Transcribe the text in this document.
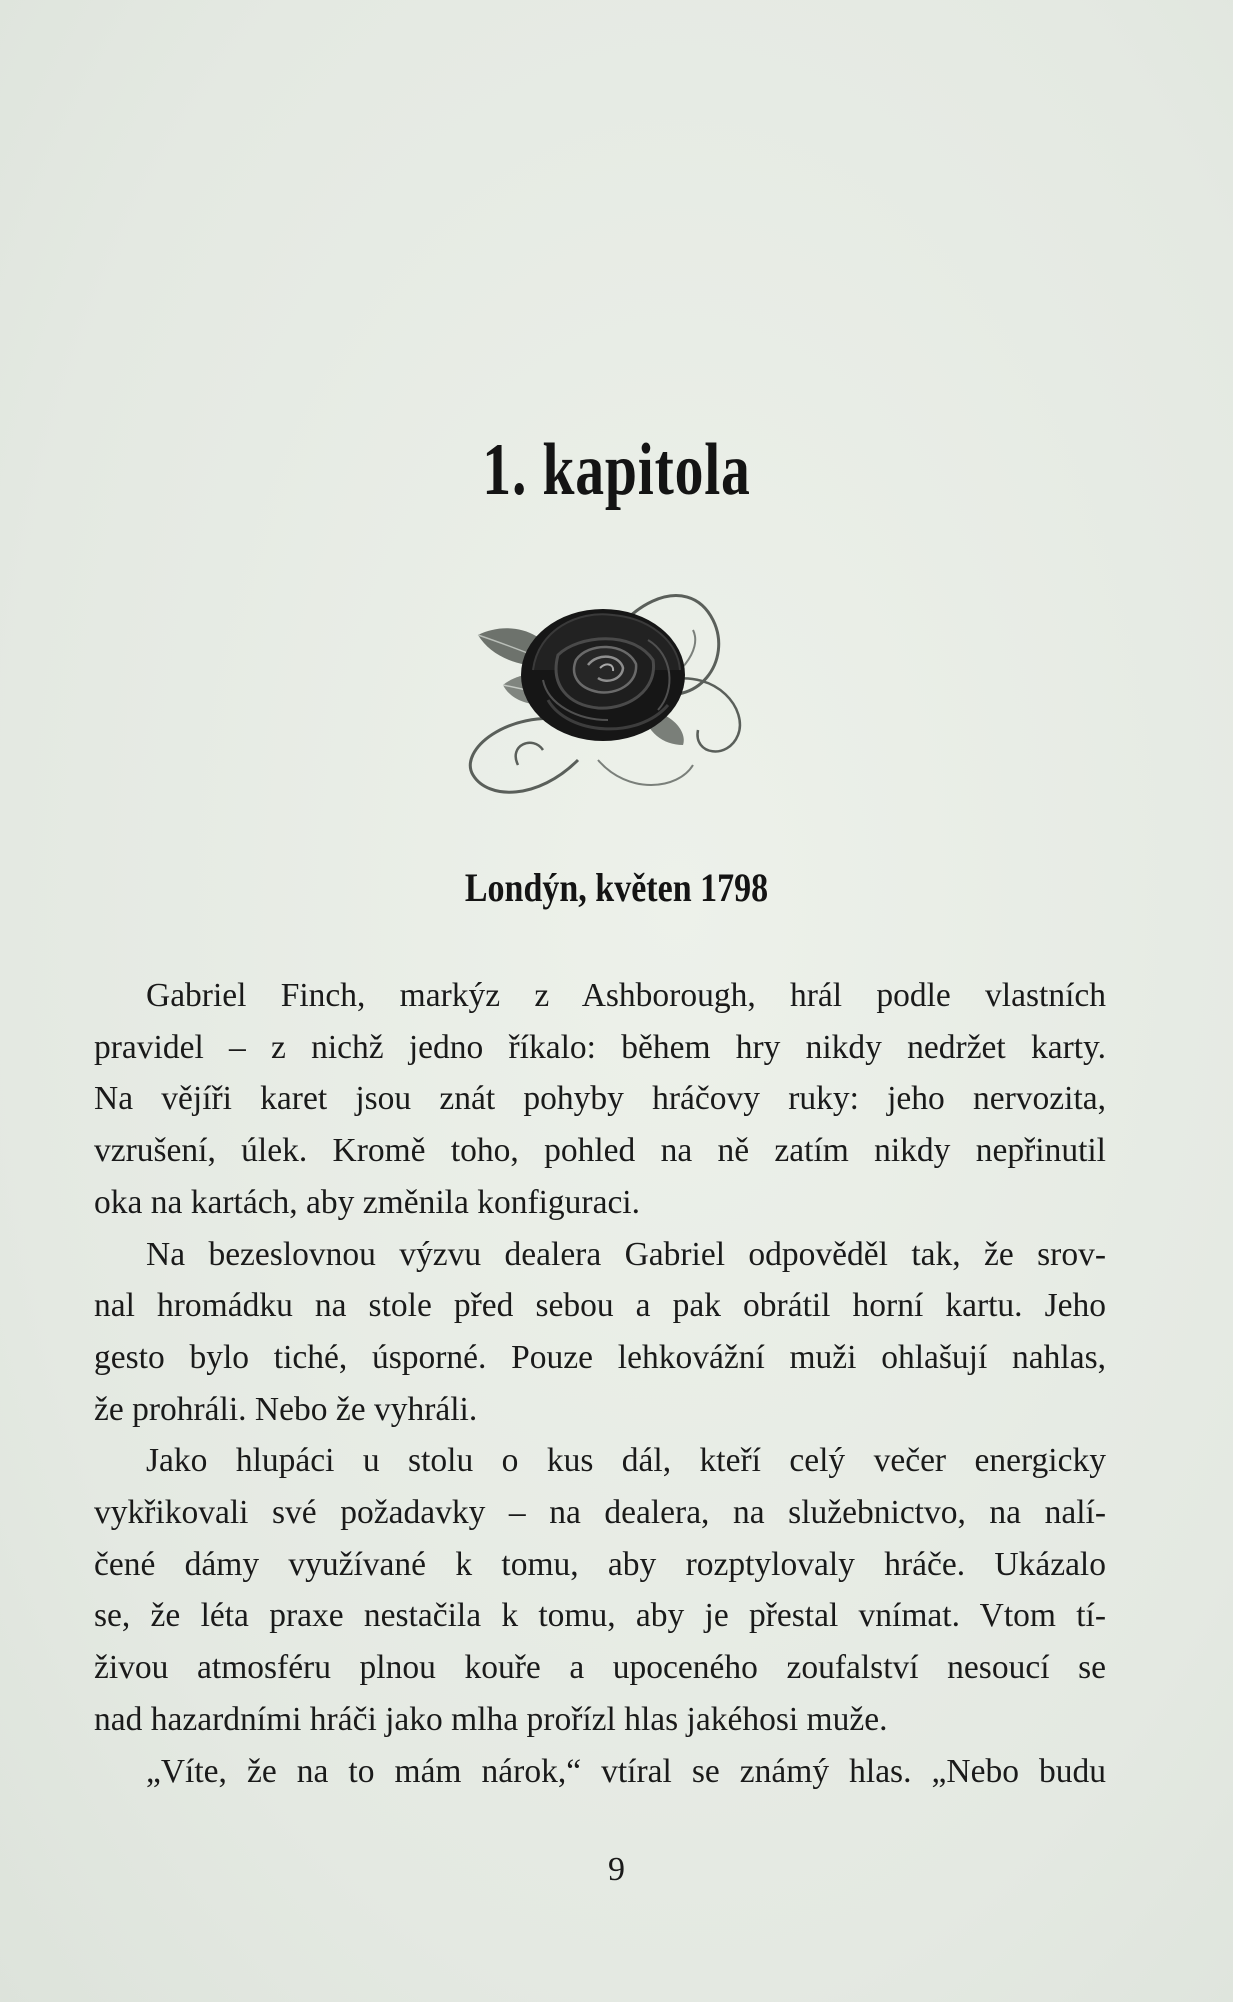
1. kapitola
Londýn, květen 1798
Gabriel Finch, markýz z Ashborough, hrál podle vlastních
pravidel – z nichž jedno říkalo: během hry nikdy nedržet karty.
Na vějíři karet jsou znát pohyby hráčovy ruky: jeho nervozita,
vzrušení, úlek. Kromě toho, pohled na ně zatím nikdy nepřinutil
oka na kartách, aby změnila konfiguraci.
Na bezeslovnou výzvu dealera Gabriel odpověděl tak, že srov-
nal hromádku na stole před sebou a pak obrátil horní kartu. Jeho
gesto bylo tiché, úsporné. Pouze lehkovážní muži ohlašují nahlas,
že prohráli. Nebo že vyhráli.
Jako hlupáci u stolu o kus dál, kteří celý večer energicky
vykřikovali své požadavky – na dealera, na služebnictvo, na nalí-
čené dámy využívané k tomu, aby rozptylovaly hráče. Ukázalo
se, že léta praxe nestačila k tomu, aby je přestal vnímat. Vtom tí-
živou atmosféru plnou kouře a upoceného zoufalství nesoucí se
nad hazardními hráči jako mlha prořízl hlas jakéhosi muže.
„Víte, že na to mám nárok,“ vtíral se známý hlas. „Nebo budu
9
